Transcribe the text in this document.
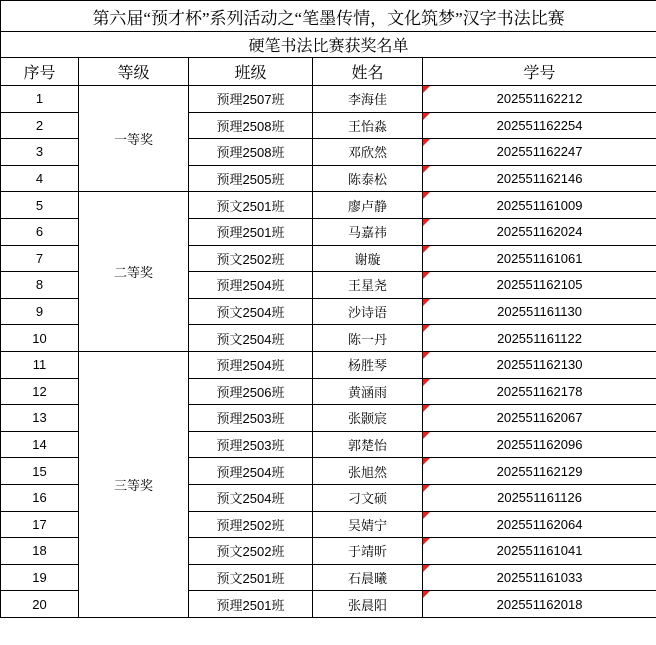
第六届“预才杯”系列活动之“笔墨传情，文化筑梦”汉字书法比赛				
硬笔书法比赛获奖名单				
序号	等级	班级	姓名	学号
1	一等奖	预理2507班	李海佳	202551162212
2		预理2508班	王怡淼	202551162254
3		预理2508班	邓欣然	202551162247
4		预理2505班	陈泰松	202551162146
5	二等奖	预文2501班	廖卢静	202551161009
6		预理2501班	马嘉祎	202551162024
7		预文2502班	谢璇	202551161061
8		预理2504班	王星尧	202551162105
9		预文2504班	沙诗语	202551161130
10		预文2504班	陈一丹	202551161122
11	三等奖	预理2504班	杨胜琴	202551162130
12		预理2506班	黄涵雨	202551162178
13		预理2503班	张颢宸	202551162067
14		预理2503班	郭楚怡	202551162096
15		预理2504班	张旭然	202551162129
16		预文2504班	刁文硕	202551161126
17		预理2502班	吴婧宁	202551162064
18		预文2502班	于靖昕	202551161041
19		预文2501班	石晨曦	202551161033
20		预理2501班	张晨阳	202551162018
